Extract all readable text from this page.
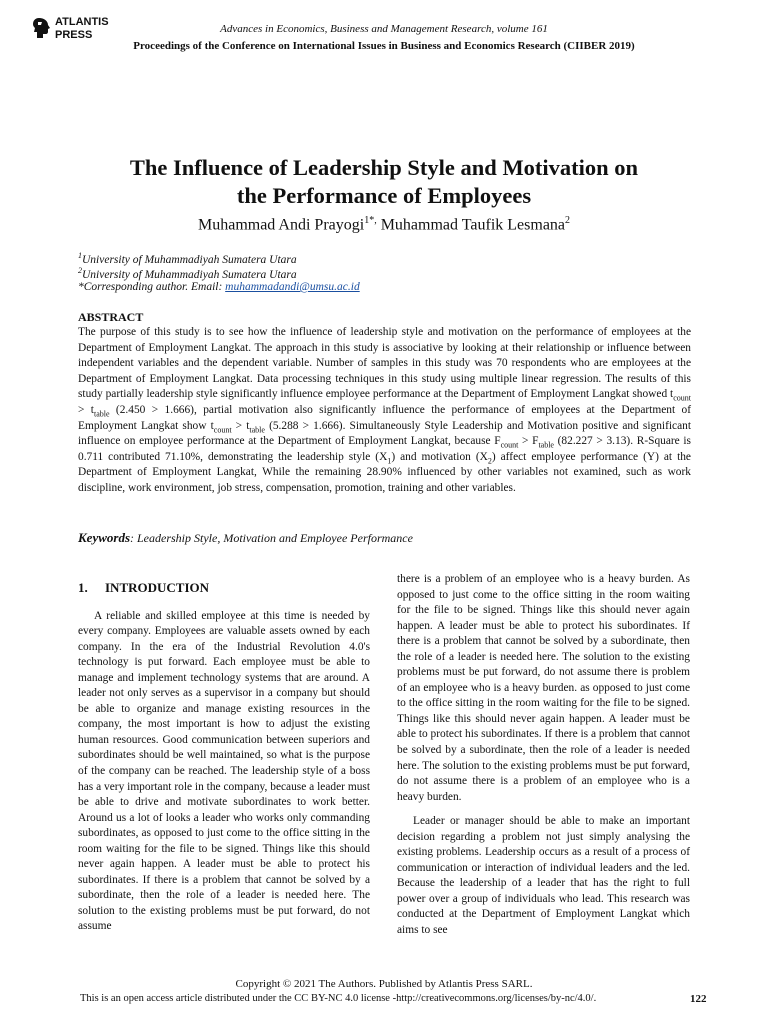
ATLANTIS
PRESS	Advances in Economics, Business and Management Research, volume 161
Proceedings of the Conference on International Issues in Business and Economics Research (CIIBER 2019)
The Influence of Leadership Style and Motivation on
the Performance of Employees
Muhammad Andi Prayogi$^{1*,}$ Muhammad Taufik Lesmana$^2$
$^1$University of Muhammadiyah Sumatera Utara
$^2$University of Muhammadiyah Sumatera Utara
*Corresponding author. Email: muhammadandi@umsu.ac.id
ABSTRACT

The purpose of this study is to see how the influence of leadership style and motivation on the performance of employees at the Department of Employment Langkat. The approach in this study is associative by looking at their relationship or influence between independent variables and the dependent variable. Number of samples in this study was 70 respondents who are employees at the Department of Employment Langkat. Data processing techniques in this study using multiple linear regression. The results of this study partially leadership style significantly influence employee performance at the Department of Employment Langkat showed $t_{count} > t_{table}$ (2.450 > 1.666), partial motivation also significantly influence the performance of employees at the Department of Employment Langkat show $t_{count} > t_{table}$ (5.288 > 1.666). Simultaneously Style Leadership and Motivation positive and significant influence on employee performance at the Department of Employment Langkat, because $F_{count} > F_{table}$ (82.227 > 3.13). R-Square is 0.711 contributed 71.10%, demonstrating the leadership style $(X_1)$ and motivation $(X_2)$ affect employee performance (Y) at the Department of Employment Langkat, While the remaining 28.90% influenced by other variables not examined, such as work discipline, work environment, job stress, compensation, promotion, training and other variables.

Keywords: Leadership Style, Motivation and Employee Performance
1. INTRODUCTION

A reliable and skilled employee at this time is needed by every company. Employees are valuable assets owned by each company. In the era of the Industrial Revolution 4.0's technology is put forward. Each employee must be able to manage and implement technology systems that are around. A leader not only serves as a supervisor in a company but should be able to organize and manage existing resources in the company, the most important is how to adjust the existing human resources. Good communication between superiors and subordinates should be well maintained, so what is the purpose of the company can be reached. The leadership style of a boss has a very important role in the company, because a leader must be able to drive and motivate subordinates to work better. Around us a lot of looks a leader who works only commanding subordinates, as opposed to just come to the office sitting in the room waiting for the file to be signed. Things like this should never again happen. A leader must be able to protect his subordinates. If there is a problem that cannot be solved by a subordinate, then the role of a leader is needed here. The solution to the existing problems must be put forward, do not assume

there is a problem of an employee who is a heavy burden. As opposed to just come to the office sitting in the room waiting for the file to be signed. Things like this should never again happen. A leader must be able to protect his subordinates. If there is a problem that cannot be solved by a subordinate, then the role of a leader is needed here. The solution to the existing problems must be put forward, do not assume there is problem of an employee who is a heavy burden. as opposed to just come to the office sitting in the room waiting for the file to be signed. Things like this should never again happen. A leader must be able to protect his subordinates. If there is a problem that cannot be solved by a subordinate, then the role of a leader is needed here. The solution to the existing problems must be put forward, do not assume there is a problem of an employee who is a heavy burden.

Leader or manager should be able to make an important decision regarding a problem not just simply analysing the existing problems. Leadership occurs as a result of a process of communication or interaction of individual leaders and the led. Because the leadership of a leader that has the right to full power over a group of individuals who lead. This research was conducted at the Department of Employment Langkat which aims to see

Copyright © 2021 The Authors. Published by Atlantis Press SARL.
This is an open access article distributed under the CC BY-NC 4.0 license -http://creativecommons.org/licenses/by-nc/4.0/.	122
